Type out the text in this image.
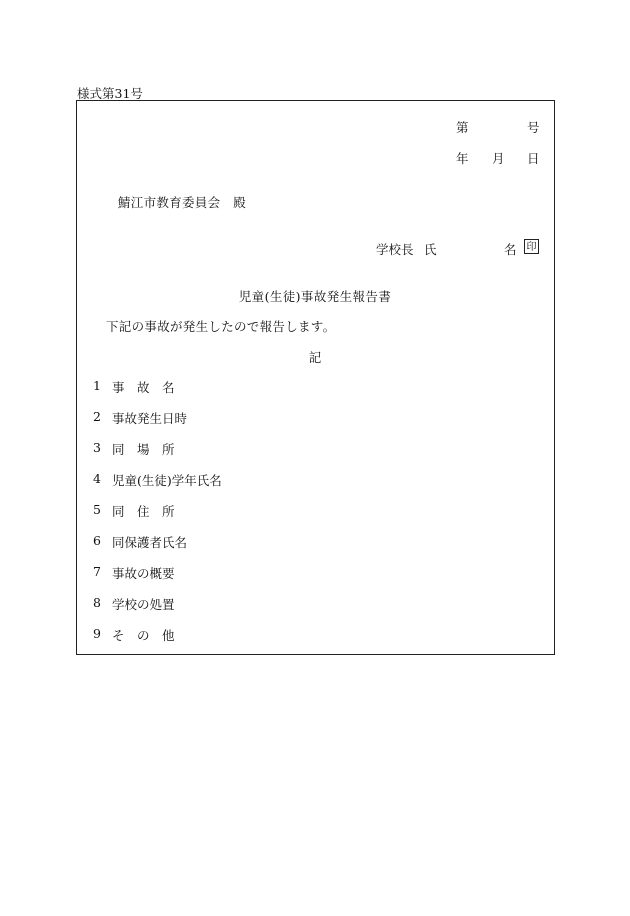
様式第31号
第	号
年 月 日
鯖江市教育委員会　殿
学校長 氏	名 印
児童(生徒)事故発生報告書
下記の事故が発生したので報告します。
記
1 事　故　名
2 事故発生日時
3 同　場　所
4 児童(生徒)学年氏名
5 同　住　所
6 同保護者氏名
7 事故の概要
8 学校の処置
9 そ　の　他
